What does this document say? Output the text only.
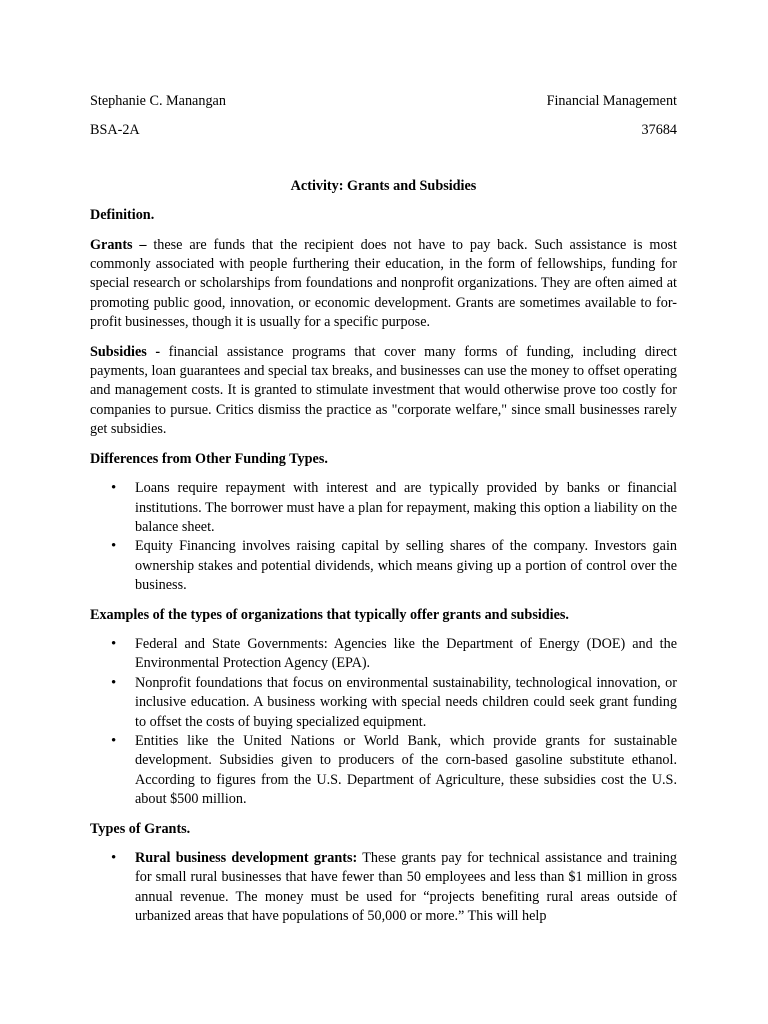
Stephanie C. Manangan	Financial Management
BSA-2A	37684
Activity: Grants and Subsidies
Definition.

Grants – these are funds that the recipient does not have to pay back. Such assistance is most commonly associated with people furthering their education, in the form of fellowships, funding for special research or scholarships from foundations and nonprofit organizations. They are often aimed at promoting public good, innovation, or economic development. Grants are sometimes available to for-profit businesses, though it is usually for a specific purpose.

Subsidies - financial assistance programs that cover many forms of funding, including direct payments, loan guarantees and special tax breaks, and businesses can use the money to offset operating and management costs. It is granted to stimulate investment that would otherwise prove too costly for companies to pursue. Critics dismiss the practice as "corporate welfare," since small businesses rarely get subsidies.

Differences from Other Funding Types.
• Loans require repayment with interest and are typically provided by banks or financial institutions. The borrower must have a plan for repayment, making this option a liability on the balance sheet.
• Equity Financing involves raising capital by selling shares of the company. Investors gain ownership stakes and potential dividends, which means giving up a portion of control over the business.
Examples of the types of organizations that typically offer grants and subsidies.
• Federal and State Governments: Agencies like the Department of Energy (DOE) and the Environmental Protection Agency (EPA).
• Nonprofit foundations that focus on environmental sustainability, technological innovation, or inclusive education. A business working with special needs children could seek grant funding to offset the costs of buying specialized equipment.
• Entities like the United Nations or World Bank, which provide grants for sustainable development. Subsidies given to producers of the corn-based gasoline substitute ethanol. According to figures from the U.S. Department of Agriculture, these subsidies cost the U.S. about $500 million.
Types of Grants.
• Rural business development grants: These grants pay for technical assistance and training for small rural businesses that have fewer than 50 employees and less than $1 million in gross annual revenue. The money must be used for “projects benefiting rural areas outside of urbanized areas that have populations of 50,000 or more.” This will help
